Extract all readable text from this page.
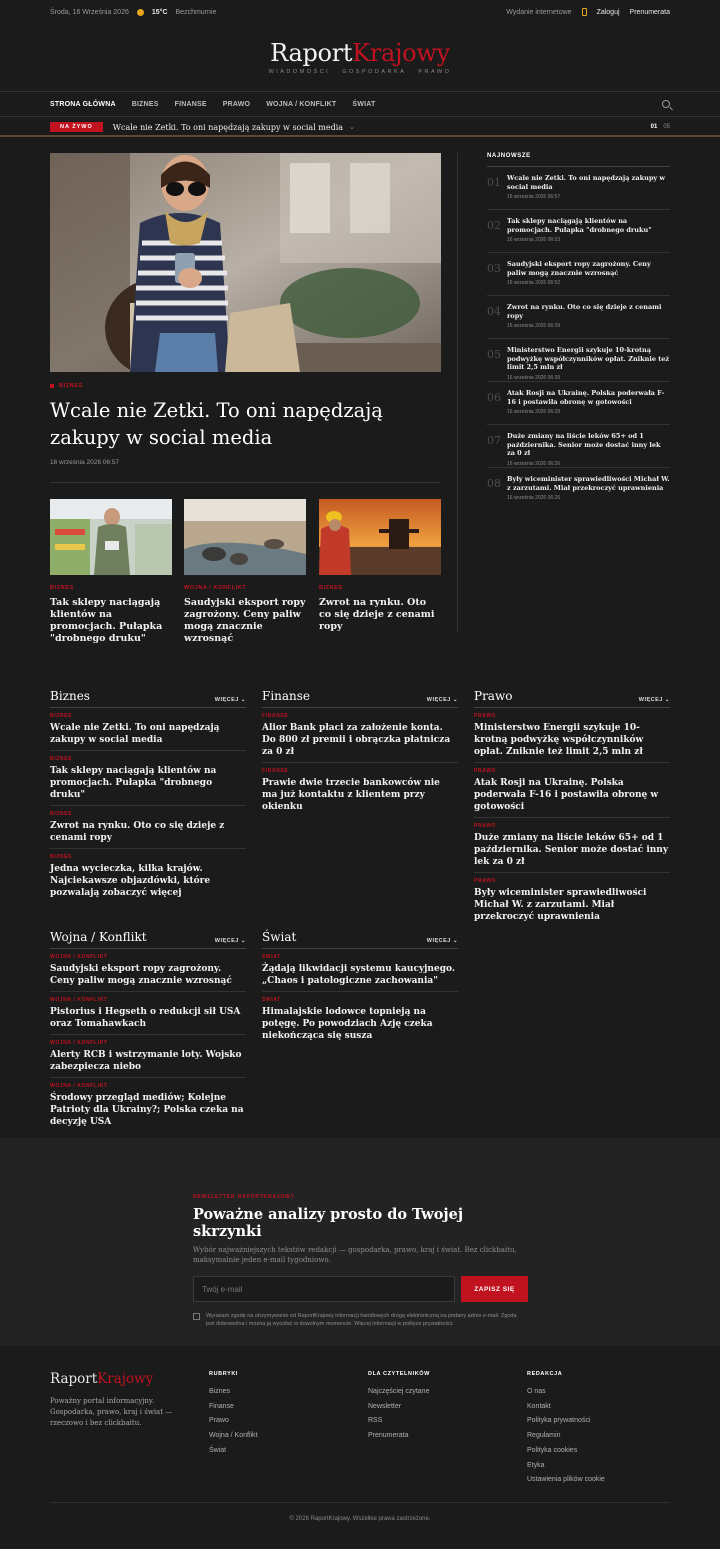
Środa, 16 Września 2026	15°C Bezchmurnie	Wydanie internetowe	Zaloguj Prenumerata
RaportKrajowy
WIADOMOŚCI GOSPODARKA PRAWO
STRONA GŁÓWNA BIZNES FINANSE PRAWO WOJNA / KONFLIKT ŚWIAT
NA ŻYWO	Wcale nie Zetki. To oni napędzają zakupy w social media ⌄	01 05
BIZNES
Wcale nie Zetki. To oni napędzają zakupy w social media
16 września 2026 06:57
BIZNES
Tak sklepy naciągają klientów na promocjach. Pułapka "drobnego druku"
WOJNA / KONFLIKT
Saudyjski eksport ropy zagrożony. Ceny paliw mogą znacznie wzrosnąć
BIZNES
Zwrot na rynku. Oto co się dzieje z cenami ropy
NAJNOWSZE
01 Wcale nie Zetki. To oni napędzają zakupy w social media
16 września 2026 06:57
02 Tak sklepy naciągają klientów na promocjach. Pułapka "drobnego druku"
16 września 2026 06:53
03 Saudyjski eksport ropy zagrożony. Ceny paliw mogą znacznie wzrosnąć
16 września 2026 06:52
04 Zwrot na rynku. Oto co się dzieje z cenami ropy
16 września 2026 06:39
05 Ministerstwo Energii szykuje 10-krotną podwyżkę współczynników opłat. Zniknie też limit 2,5 mln zł
16 września 2026 06:39
06 Atak Rosji na Ukrainę. Polska poderwała F-16 i postawiła obronę w gotowości
16 września 2026 06:28
07 Duże zmiany na liście leków 65+ od 1 października. Senior może dostać inny lek za 0 zł
16 września 2026 06:26
08 Były wiceminister sprawiedliwości Michał W. z zarzutami. Miał przekroczyć uprawnienia
16 września 2026 06:26
Biznes	WIĘCEJ ⌄
BIZNES
Wcale nie Zetki. To oni napędzają zakupy w social media
BIZNES
Tak sklepy naciągają klientów na promocjach. Pułapka "drobnego druku"
BIZNES
Zwrot na rynku. Oto co się dzieje z cenami ropy
BIZNES
Jedna wycieczka, kilka krajów. Najciekawsze objazdówki, które pozwalają zobaczyć więcej
Finanse	WIĘCEJ ⌄
FINANSE
Alior Bank płaci za założenie konta. Do 800 zł premii i obrączka płatnicza za 0 zł
FINANSE
Prawie dwie trzecie bankowców nie ma już kontaktu z klientem przy okienku
Prawo	WIĘCEJ ⌄
PRAWO
Ministerstwo Energii szykuje 10-krotną podwyżkę współczynników opłat. Zniknie też limit 2,5 mln zł
PRAWO
Atak Rosji na Ukrainę. Polska poderwała F-16 i postawiła obronę w gotowości
PRAWO
Duże zmiany na liście leków 65+ od 1 października. Senior może dostać inny lek za 0 zł
PRAWO
Były wiceminister sprawiedliwości Michał W. z zarzutami. Miał przekroczyć uprawnienia
Wojna / Konflikt	WIĘCEJ ⌄
WOJNA / KONFLIKT
Saudyjski eksport ropy zagrożony. Ceny paliw mogą znacznie wzrosnąć
WOJNA / KONFLIKT
Pistorius i Hegseth o redukcji sił USA oraz Tomahawkach
WOJNA / KONFLIKT
Alerty RCB i wstrzymanie loty. Wojsko zabezpiecza niebo
WOJNA / KONFLIKT
Środowy przegląd mediów; Kolejne Patrioty dla Ukrainy?; Polska czeka na decyzję USA
Świat	WIĘCEJ ⌄
ŚWIAT
Żądają likwidacji systemu kaucyjnego. „Chaos i patologiczne zachowania"
ŚWIAT
Himalajskie lodowce topnieją na potęgę. Po powodziach Azję czeka niekończąca się susza
NEWSLETTER RAPORTKRAJOWY
Poważne analizy prosto do Twojej skrzynki
Wybór najważniejszych tekstów redakcji — gospodarka, prawo, kraj i świat. Bez clickbaitu, maksymalnie jeden e-mail tygodniowo.
Twój e-mail
ZAPISZ SIĘ
Wyrażam zgodę na otrzymywanie od RaportKrajowy informacji handlowych drogą elektroniczną na podany adres e-mail. Zgoda jest dobrowolna i można ją wycofać w dowolnym momencie. Więcej informacji w polityce prywatności.
RaportKrajowy
Poważny portal informacyjny. Gospodarka, prawo, kraj i świat — rzeczowo i bez clickbaitu.
RUBRYKI
Biznes
Finanse
Prawo
Wojna / Konflikt
Świat
DLA CZYTELNIKÓW
Najczęściej czytane
Newsletter
RSS
Prenumerata
REDAKCJA
O nas
Kontakt
Polityka prywatności
Regulamin
Polityka cookies
Etyka
Ustawienia plików cookie
© 2026 RaportKrajowy. Wszelkie prawa zastrzeżone.
